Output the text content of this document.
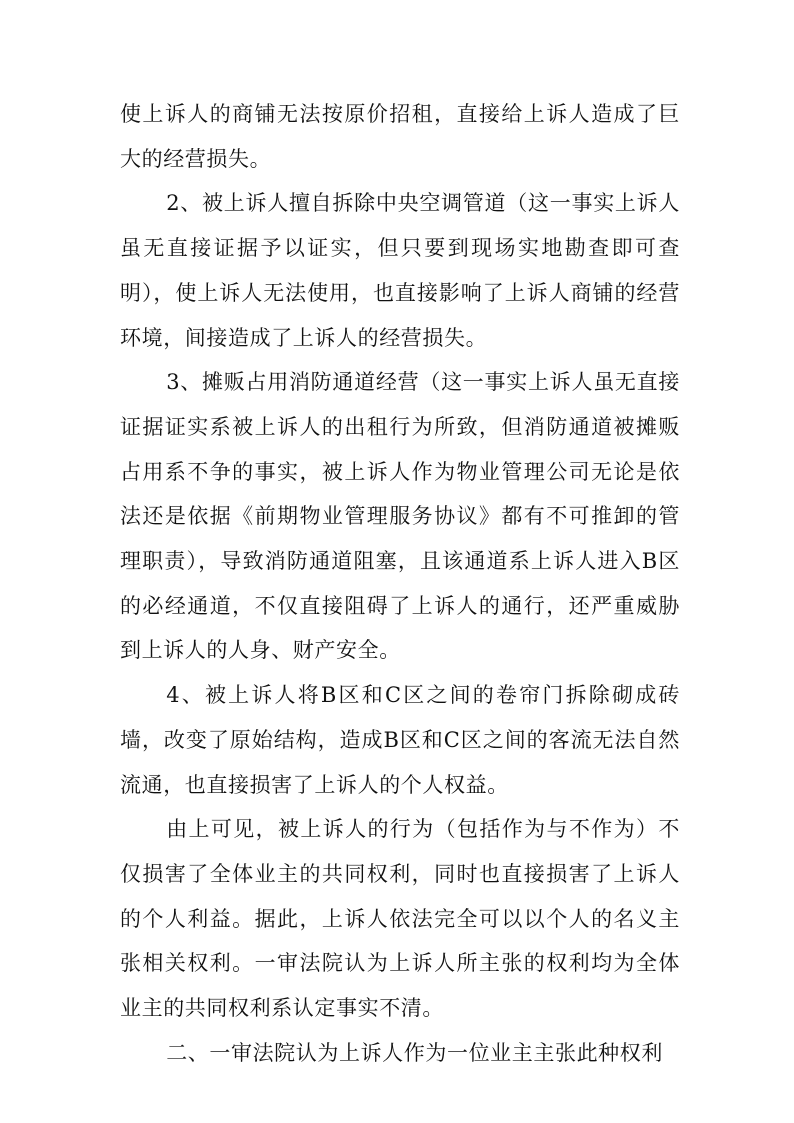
使上诉人的商铺无法按原价招租，直接给上诉人造成了巨大的经营损失。

2、被上诉人擅自拆除中央空调管道（这一事实上诉人虽无直接证据予以证实，但只要到现场实地勘查即可查明），使上诉人无法使用，也直接影响了上诉人商铺的经营环境，间接造成了上诉人的经营损失。

3、摊贩占用消防通道经营（这一事实上诉人虽无直接证据证实系被上诉人的出租行为所致，但消防通道被摊贩占用系不争的事实，被上诉人作为物业管理公司无论是依法还是依据《前期物业管理服务协议》都有不可推卸的管理职责），导致消防通道阻塞，且该通道系上诉人进入B区的必经通道，不仅直接阻碍了上诉人的通行，还严重威胁到上诉人的人身、财产安全。

4、被上诉人将B区和C区之间的卷帘门拆除砌成砖墙，改变了原始结构，造成B区和C区之间的客流无法自然流通，也直接损害了上诉人的个人权益。

由上可见，被上诉人的行为（包括作为与不作为）不仅损害了全体业主的共同权利，同时也直接损害了上诉人的个人利益。据此，上诉人依法完全可以以个人的名义主张相关权利。一审法院认为上诉人所主张的权利均为全体业主的共同权利系认定事实不清。

二、一审法院认为上诉人作为一位业主主张此种权利
